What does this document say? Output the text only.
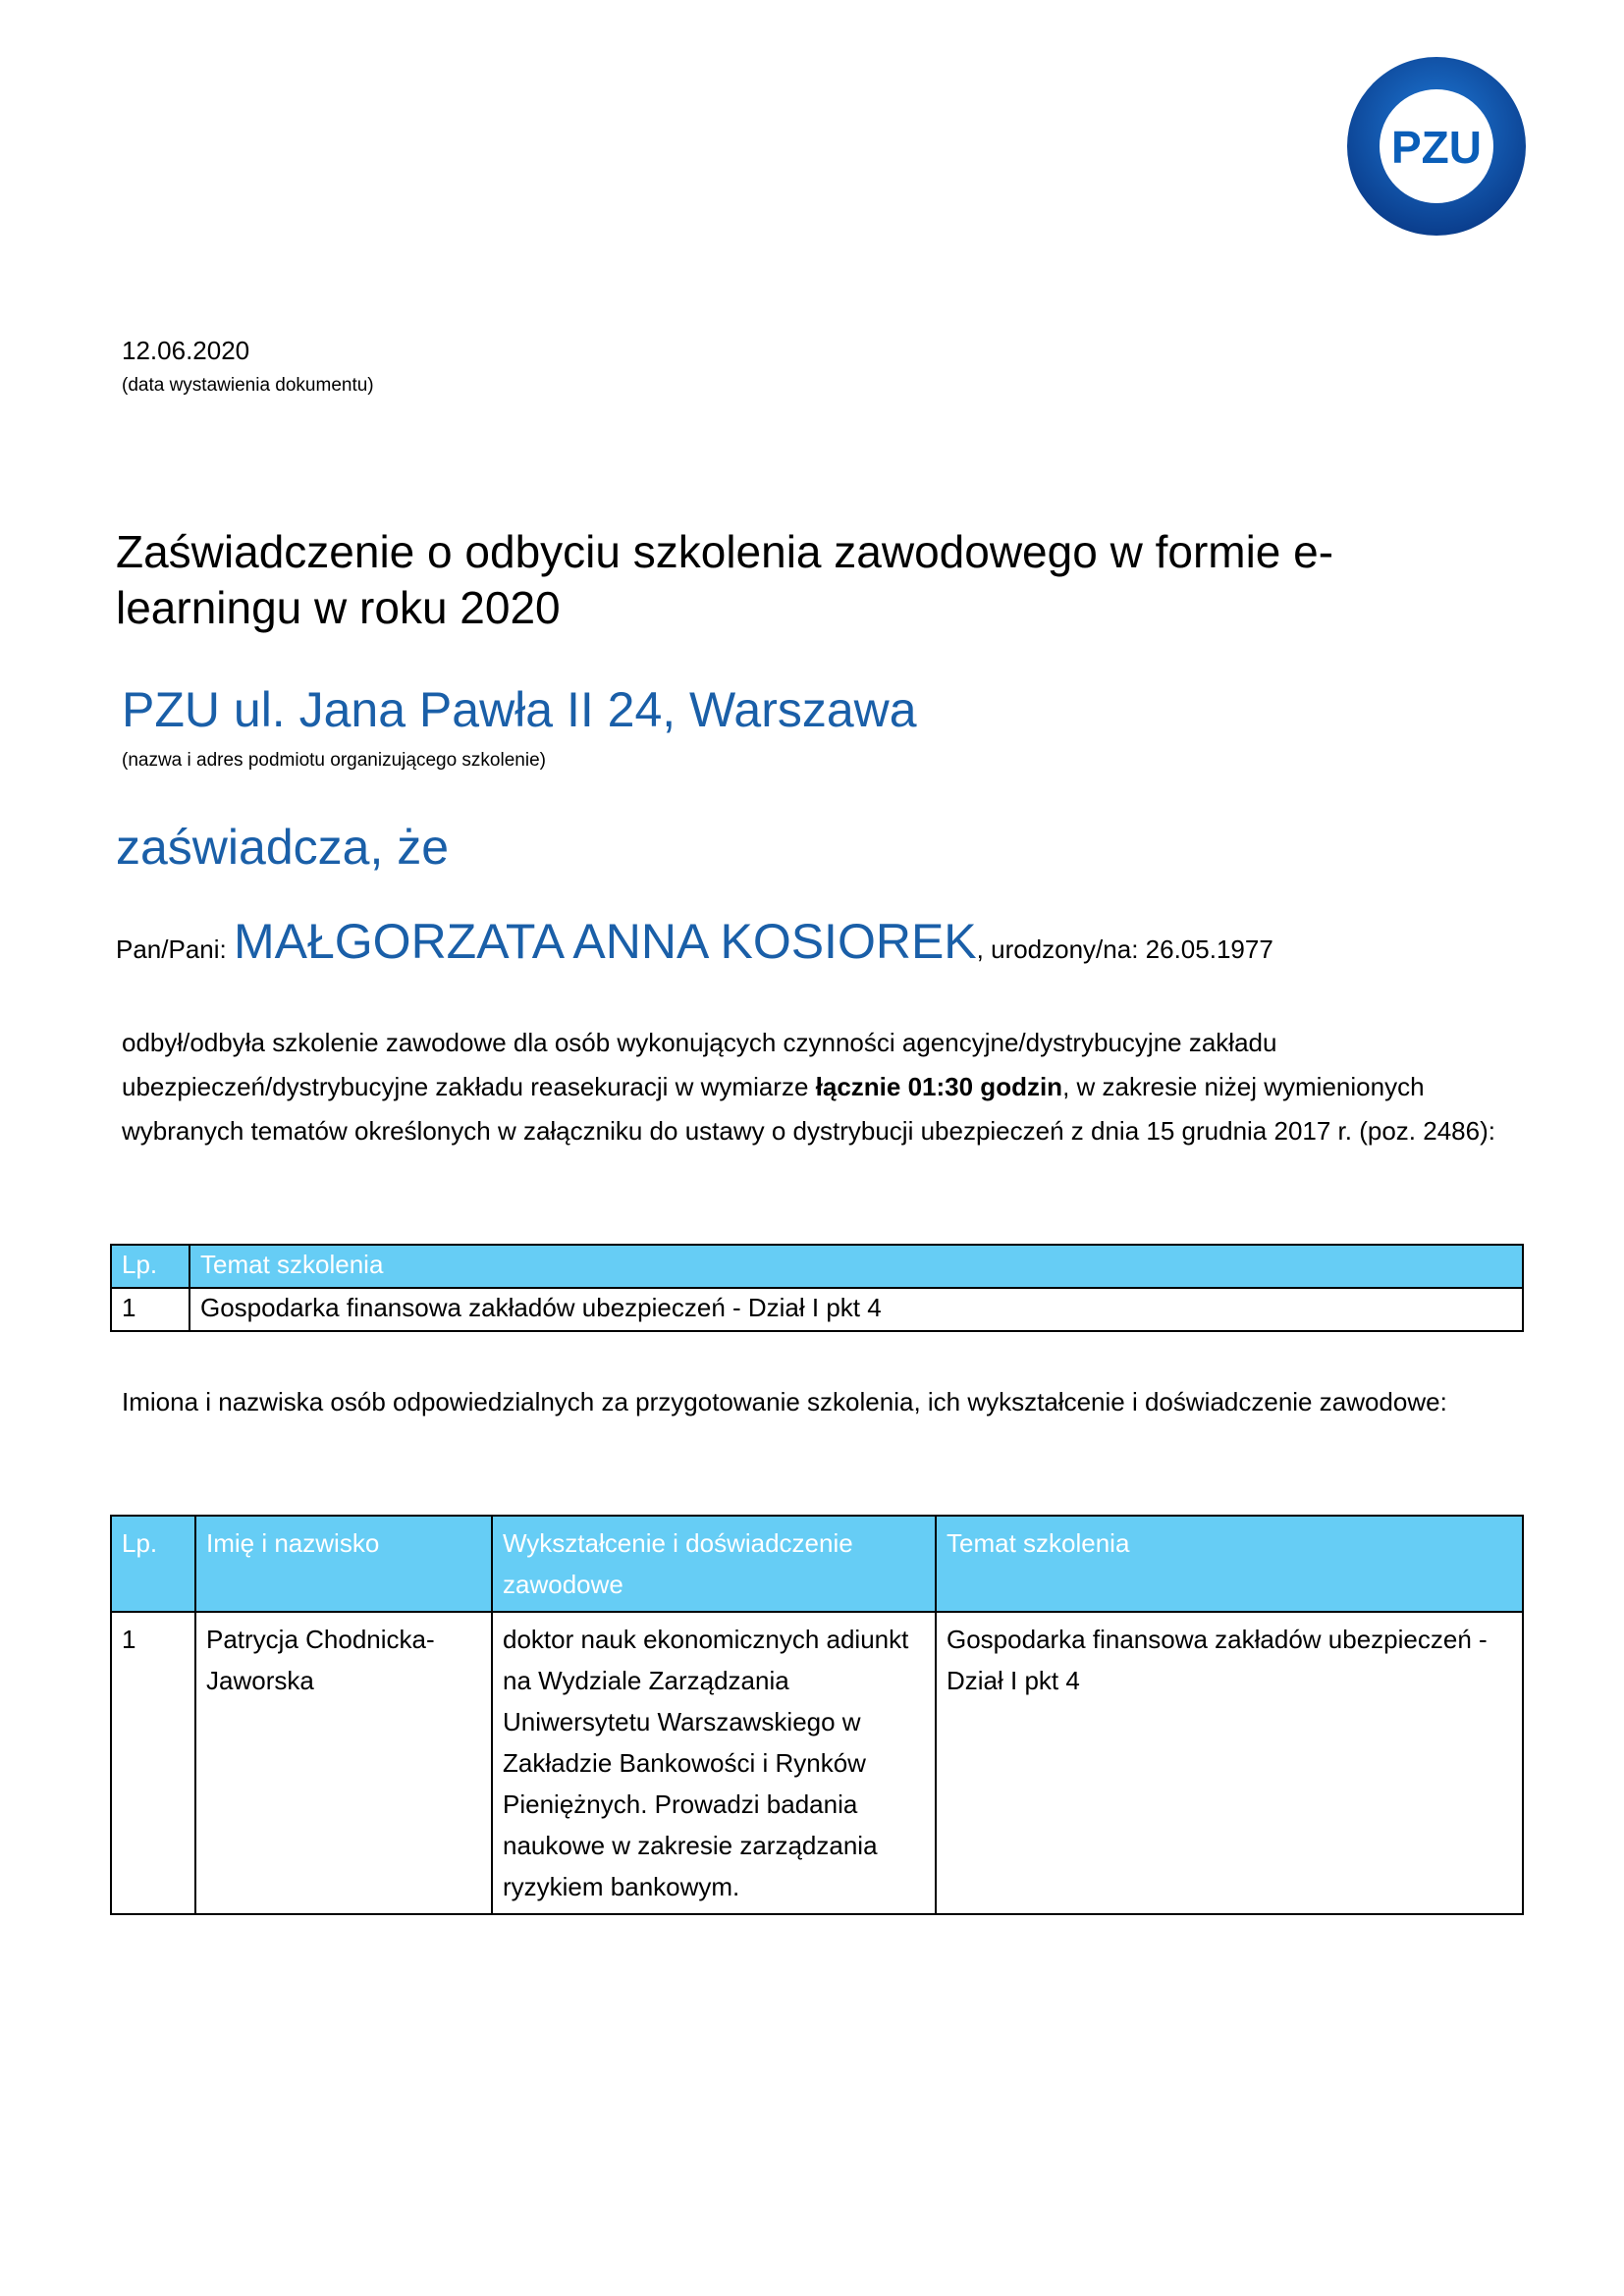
PZU
12.06.2020
(data wystawienia dokumentu)
Zaświadczenie o odbyciu szkolenia zawodowego w formie e-learningu w roku 2020
PZU ul. Jana Pawła II 24, Warszawa
(nazwa i adres podmiotu organizującego szkolenie)
zaświadcza, że
Pan/Pani: MAŁGORZATA ANNA KOSIOREK, urodzony/na: 26.05.1977
odbył/odbyła szkolenie zawodowe dla osób wykonujących czynności agencyjne/dystrybucyjne zakładu ubezpieczeń/dystrybucyjne zakładu reasekuracji w wymiarze łącznie 01:30 godzin, w zakresie niżej wymienionych wybranych tematów określonych w załączniku do ustawy o dystrybucji ubezpieczeń z dnia 15 grudnia 2017 r. (poz. 2486):
Lp.	Temat szkolenia
1	Gospodarka finansowa zakładów ubezpieczeń - Dział I pkt 4
Imiona i nazwiska osób odpowiedzialnych za przygotowanie szkolenia, ich wykształcenie i doświadczenie zawodowe:
Lp.	Imię i nazwisko	Wykształcenie i doświadczenie zawodowe	Temat szkolenia
1	Patrycja Chodnicka-Jaworska	doktor nauk ekonomicznych adiunkt na Wydziale Zarządzania Uniwersytetu Warszawskiego w Zakładzie Bankowości i Rynków Pieniężnych. Prowadzi badania naukowe w zakresie zarządzania ryzykiem bankowym.	Gospodarka finansowa zakładów ubezpieczeń - Dział I pkt 4
